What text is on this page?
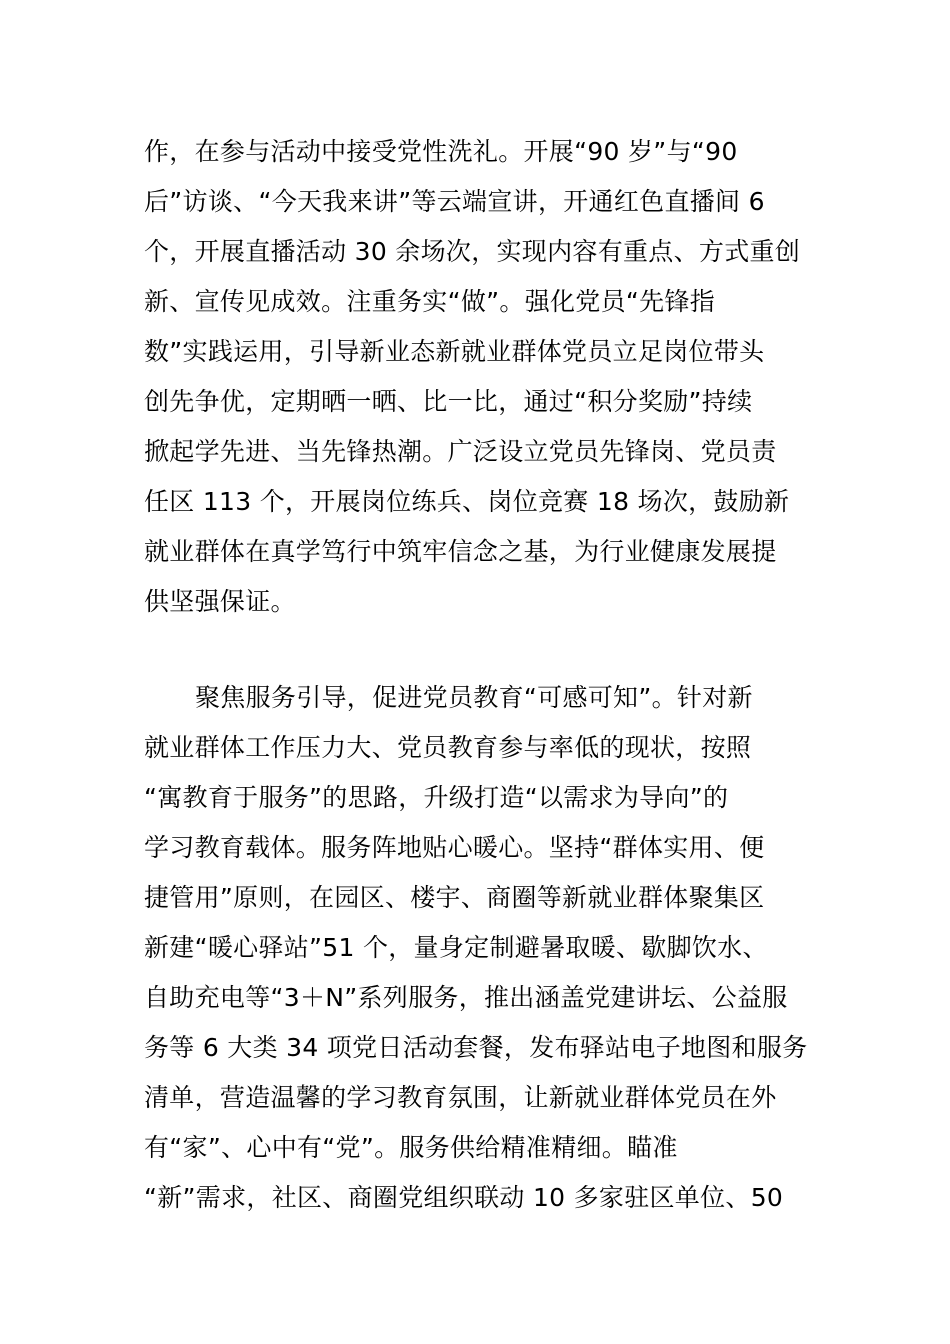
作，在参与活动中接受党性洗礼。开展“90 岁”与“90
后”访谈、“今天我来讲”等云端宣讲，开通红色直播间 6
个，开展直播活动 30 余场次，实现内容有重点、方式重创
新、宣传见成效。注重务实“做”。强化党员“先锋指
数”实践运用，引导新业态新就业群体党员立足岗位带头
创先争优，定期晒一晒、比一比，通过“积分奖励”持续
掀起学先进、当先锋热潮。广泛设立党员先锋岗、党员责
任区 113 个，开展岗位练兵、岗位竞赛 18 场次，鼓励新
就业群体在真学笃行中筑牢信念之基，为行业健康发展提
供坚强保证。
聚焦服务引导，促进党员教育“可感可知”。针对新
就业群体工作压力大、党员教育参与率低的现状，按照
“寓教育于服务”的思路，升级打造“以需求为导向”的
学习教育载体。服务阵地贴心暖心。坚持“群体实用、便
捷管用”原则，在园区、楼宇、商圈等新就业群体聚集区
新建“暖心驿站”51 个，量身定制避暑取暖、歇脚饮水、
自助充电等“3＋N”系列服务，推出涵盖党建讲坛、公益服
务等 6 大类 34 项党日活动套餐，发布驿站电子地图和服务
清单，营造温馨的学习教育氛围，让新就业群体党员在外
有“家”、心中有“党”。服务供给精准精细。瞄准
“新”需求，社区、商圈党组织联动 10 多家驻区单位、50
